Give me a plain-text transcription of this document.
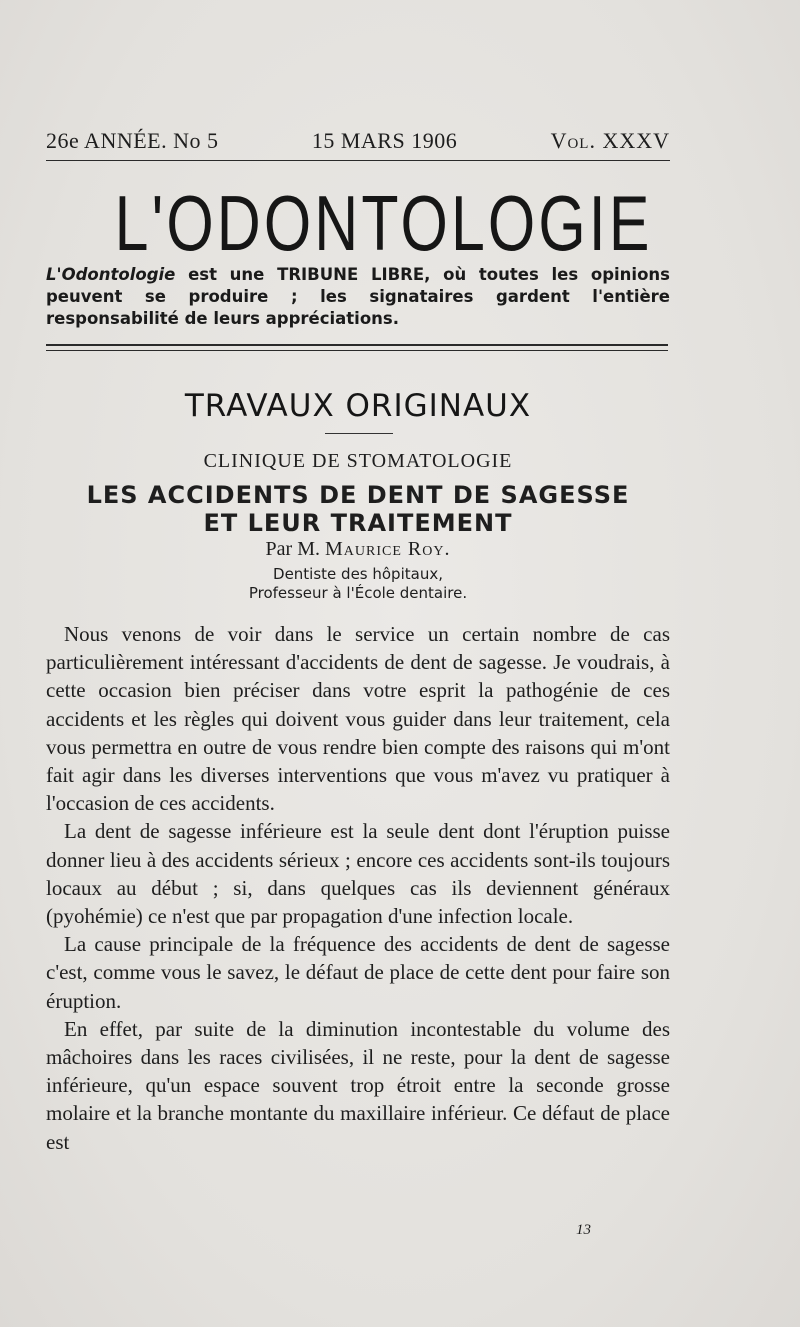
26e ANNÉE. No 5	15 MARS 1906	Vol. XXXV
L'ODONTOLOGIE
L'Odontologie est une TRIBUNE LIBRE, où toutes les opinions peuvent se produire ; les signataires gardent l'entière responsabilité de leurs appréciations.
TRAVAUX ORIGINAUX
CLINIQUE DE STOMATOLOGIE
LES ACCIDENTS DE DENT DE SAGESSE
ET LEUR TRAITEMENT
Par M. Maurice Roy.
Dentiste des hôpitaux,
Professeur à l'École dentaire.

Nous venons de voir dans le service un certain nombre de cas particulièrement intéressant d'accidents de dent de sagesse. Je voudrais, à cette occasion bien préciser dans votre esprit la pathogénie de ces accidents et les règles qui doivent vous guider dans leur traitement, cela vous permettra en outre de vous rendre bien compte des raisons qui m'ont fait agir dans les diverses interventions que vous m'avez vu pratiquer à l'occasion de ces accidents.

La dent de sagesse inférieure est la seule dent dont l'éruption puisse donner lieu à des accidents sérieux ; encore ces accidents sont-ils toujours locaux au début ; si, dans quelques cas ils deviennent généraux (pyohémie) ce n'est que par propagation d'une infection locale.

La cause principale de la fréquence des accidents de dent de sagesse c'est, comme vous le savez, le défaut de place de cette dent pour faire son éruption.

En effet, par suite de la diminution incontestable du volume des mâchoires dans les races civilisées, il ne reste, pour la dent de sagesse inférieure, qu'un espace souvent trop étroit entre la seconde grosse molaire et la branche montante du maxillaire inférieur. Ce défaut de place est

13
